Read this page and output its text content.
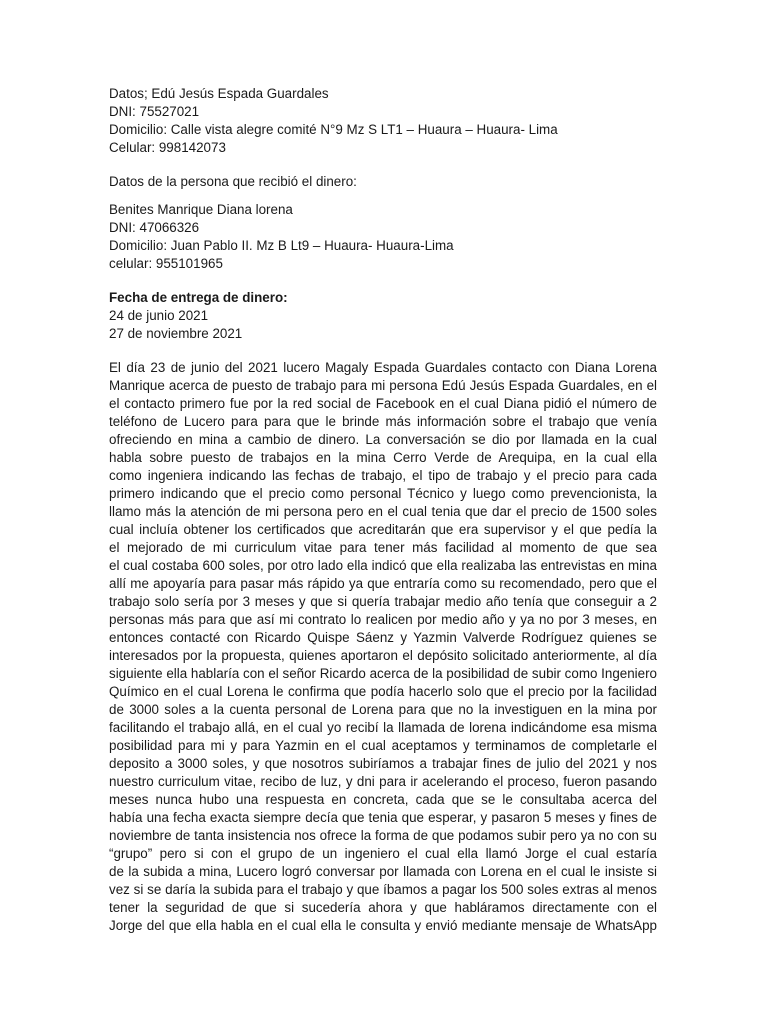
Datos; Edú Jesús Espada Guardales
DNI: 75527021
Domicilio: Calle vista alegre comité N°9 Mz S LT1 – Huaura – Huaura- Lima
Celular: 998142073
Datos de la persona que recibió el dinero:
Benites Manrique Diana lorena
DNI: 47066326
Domicilio: Juan Pablo II. Mz B Lt9 – Huaura- Huaura-Lima
celular: 955101965
Fecha de entrega de dinero:
24 de junio 2021
27 de noviembre 2021
El día 23 de junio del 2021 lucero Magaly Espada Guardales contacto con Diana Lorena
Manrique acerca de puesto de trabajo para mi persona Edú Jesús Espada Guardales, en el
el contacto primero fue por la red social de Facebook en el cual Diana pidió el número de
teléfono de Lucero para para que le brinde más información sobre el trabajo que venía
ofreciendo en mina a cambio de dinero. La conversación se dio por llamada en la cual
habla sobre puesto de trabajos en la mina Cerro Verde de Arequipa, en la cual ella
como ingeniera indicando las fechas de trabajo, el tipo de trabajo y el precio para cada
primero indicando que el precio como personal Técnico y luego como prevencionista, la
llamo más la atención de mi persona pero en el cual tenia que dar el precio de 1500 soles
cual incluía obtener los certificados que acreditarán que era supervisor y el que pedía la
el mejorado de mi curriculum vitae para tener más facilidad al momento de que sea
el cual costaba 600 soles, por otro lado ella indicó que ella realizaba las entrevistas en mina
allí me apoyaría para pasar más rápido ya que entraría como su recomendado, pero que el
trabajo solo sería por 3 meses y que si quería trabajar medio año tenía que conseguir a 2
personas más para que así mi contrato lo realicen por medio año y ya no por 3 meses, en
entonces contacté con Ricardo Quispe Sáenz y Yazmin Valverde Rodríguez quienes se
interesados por la propuesta, quienes aportaron el depósito solicitado anteriormente, al día
siguiente ella hablaría con el señor Ricardo acerca de la posibilidad de subir como Ingeniero
Químico en el cual Lorena le confirma que podía hacerlo solo que el precio por la facilidad
de 3000 soles a la cuenta personal de Lorena para que no la investiguen en la mina por
facilitando el trabajo allá, en el cual yo recibí la llamada de lorena indicándome esa misma
posibilidad para mi y para Yazmin en el cual aceptamos y terminamos de completarle el
deposito a 3000 soles, y que nosotros subiríamos a trabajar fines de julio del 2021 y nos
nuestro curriculum vitae, recibo de luz, y dni para ir acelerando el proceso, fueron pasando
meses nunca hubo una respuesta en concreta, cada que se le consultaba acerca del
había una fecha exacta siempre decía que tenia que esperar, y pasaron 5 meses y fines de
noviembre de tanta insistencia nos ofrece la forma de que podamos subir pero ya no con su
“grupo” pero si con el grupo de un ingeniero el cual ella llamó Jorge el cual estaría
de la subida a mina, Lucero logró conversar por llamada con Lorena en el cual le insiste si
vez si se daría la subida para el trabajo y que íbamos a pagar los 500 soles extras al menos
tener la seguridad de que si sucedería ahora y que habláramos directamente con el
Jorge del que ella habla en el cual ella le consulta y envió mediante mensaje de WhatsApp
